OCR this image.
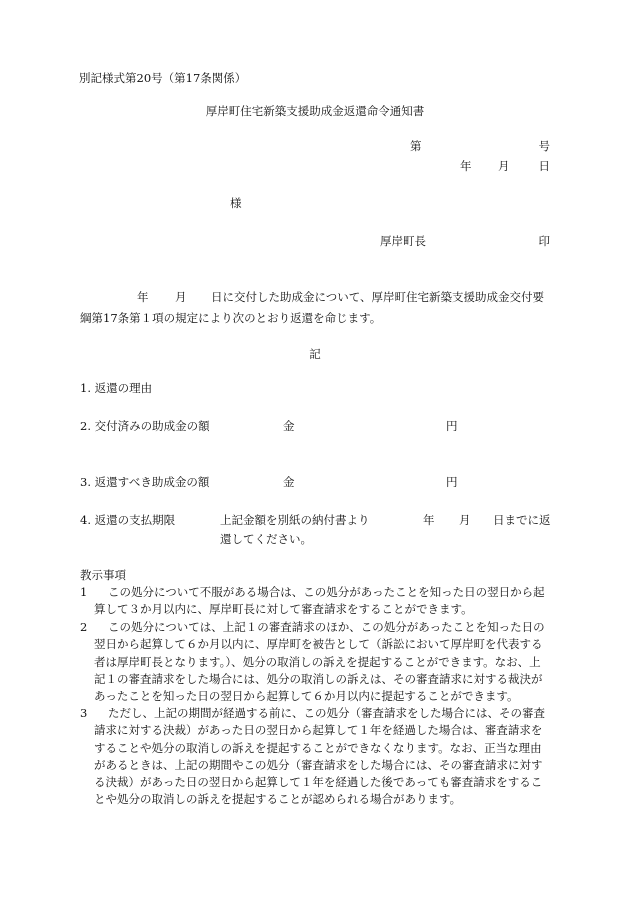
別記様式第20号（第17条関係）
厚岸町住宅新築支援助成金返還命令通知書
第	号
年 月	日
様
厚岸町長	印

年 月 日に交付した助成金について、厚岸町住宅新築支援助成金交付要

綱第17条第１項の規定により次のとおり返還を命じます。

記
1. 返還の理由
2. 交付済みの助成金の額	金	円
3. 返還すべき助成金の額	金	円
4. 返還の支払期限	上記金額を別紙の納付書より	年 月 日までに返
還してください。
教示事項
1	この処分について不服がある場合は、この処分があったことを知った日の翌日から起算して３か月以内に、厚岸町長に対して審査請求をすることができます。
2	この処分については、上記１の審査請求のほか、この処分があったことを知った日の翌日から起算して６か月以内に、厚岸町を被告として（訴訟において厚岸町を代表する者は厚岸町長となります。）、処分の取消しの訴えを提起することができます。なお、上記１の審査請求をした場合には、処分の取消しの訴えは、その審査請求に対する裁決があったことを知った日の翌日から起算して６か月以内に提起することができます。
3	ただし、上記の期間が経過する前に、この処分（審査請求をした場合には、その審査請求に対する決裁）があった日の翌日から起算して１年を経過した場合は、審査請求をすることや処分の取消しの訴えを提起することができなくなります。なお、正当な理由があるときは、上記の期間やこの処分（審査請求をした場合には、その審査請求に対する決裁）があった日の翌日から起算して１年を経過した後であっても審査請求をすることや処分の取消しの訴えを提起することが認められる場合があります。
